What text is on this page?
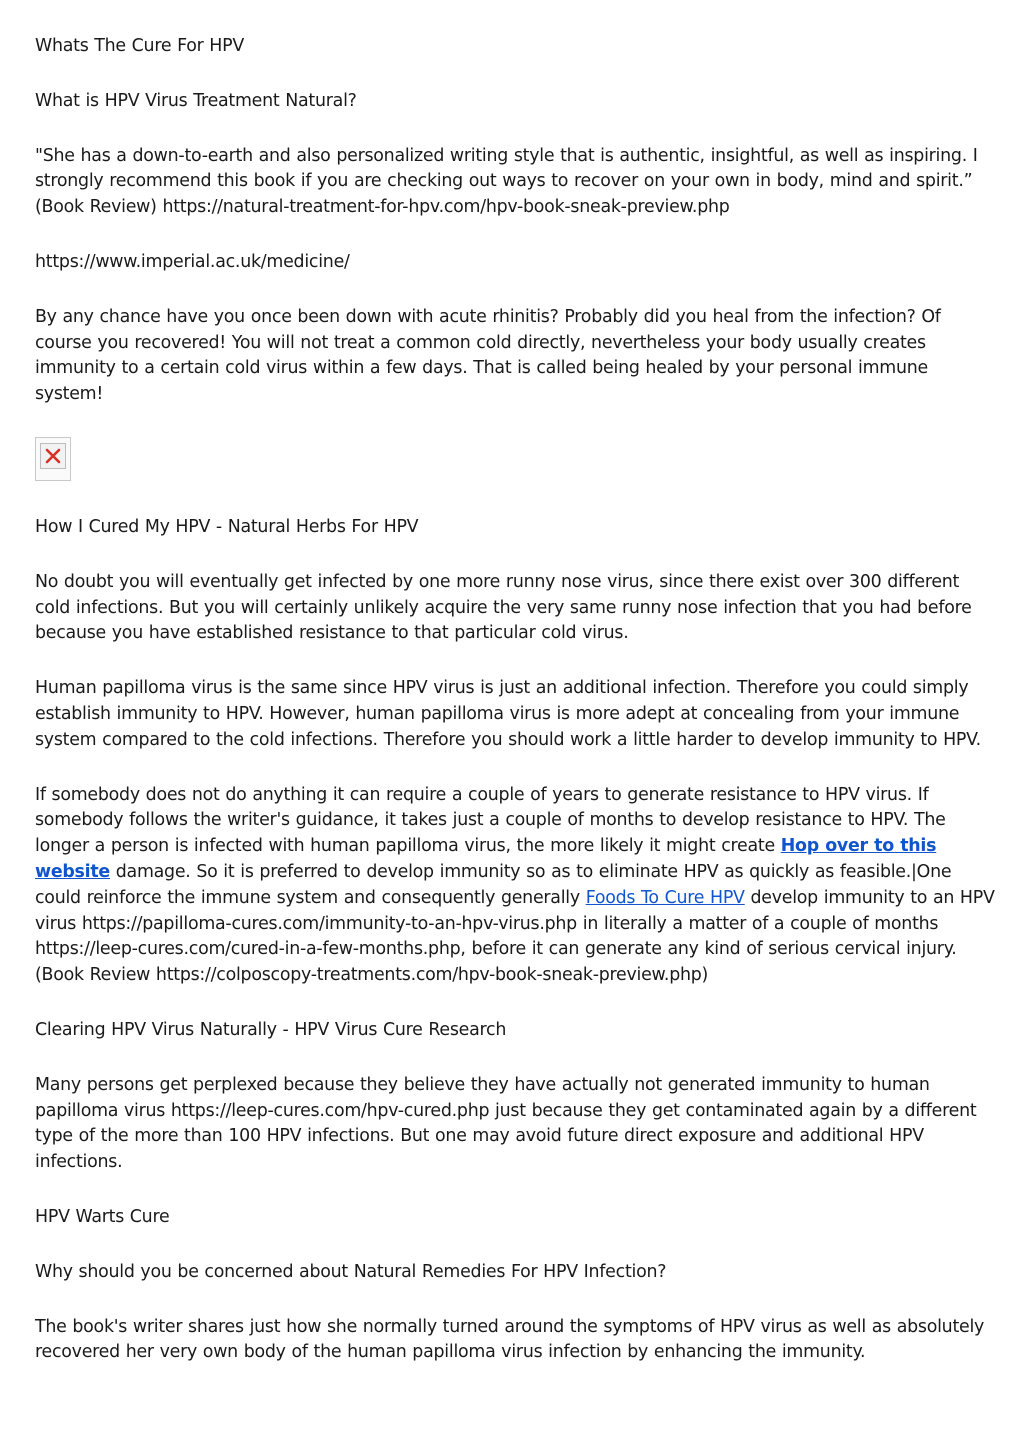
Whats The Cure For HPV

What is HPV Virus Treatment Natural?

"She has a down-to-earth and also personalized writing style that is authentic, insightful, as well as inspiring. I strongly recommend this book if you are checking out ways to recover on your own in body, mind and spirit.” (Book Review) https://natural-treatment-for-hpv.com/hpv-book-sneak-preview.php

https://www.imperial.ac.uk/medicine/

By any chance have you once been down with acute rhinitis? Probably did you heal from the infection? Of course you recovered! You will not treat a common cold directly, nevertheless your body usually creates immunity to a certain cold virus within a few days. That is called being healed by your personal immune system!

How I Cured My HPV - Natural Herbs For HPV

No doubt you will eventually get infected by one more runny nose virus, since there exist over 300 different cold infections. But you will certainly unlikely acquire the very same runny nose infection that you had before because you have established resistance to that particular cold virus.

Human papilloma virus is the same since HPV virus is just an additional infection. Therefore you could simply establish immunity to HPV. However, human papilloma virus is more adept at concealing from your immune system compared to the cold infections. Therefore you should work a little harder to develop immunity to HPV.

If somebody does not do anything it can require a couple of years to generate resistance to HPV virus. If somebody follows the writer's guidance, it takes just a couple of months to develop resistance to HPV. The longer a person is infected with human papilloma virus, the more likely it might create Hop over to this website damage. So it is preferred to develop immunity so as to eliminate HPV as quickly as feasible.|One could reinforce the immune system and consequently generally Foods To Cure HPV develop immunity to an HPV virus https://papilloma-cures.com/immunity-to-an-hpv-virus.php in literally a matter of a couple of months https://leep-cures.com/cured-in-a-few-months.php, before it can generate any kind of serious cervical injury. (Book Review https://colposcopy-treatments.com/hpv-book-sneak-preview.php)

Clearing HPV Virus Naturally - HPV Virus Cure Research

Many persons get perplexed because they believe they have actually not generated immunity to human papilloma virus https://leep-cures.com/hpv-cured.php just because they get contaminated again by a different type of the more than 100 HPV infections. But one may avoid future direct exposure and additional HPV infections.

HPV Warts Cure

Why should you be concerned about Natural Remedies For HPV Infection?

The book's writer shares just how she normally turned around the symptoms of HPV virus as well as absolutely recovered her very own body of the human papilloma virus infection by enhancing the immunity.
